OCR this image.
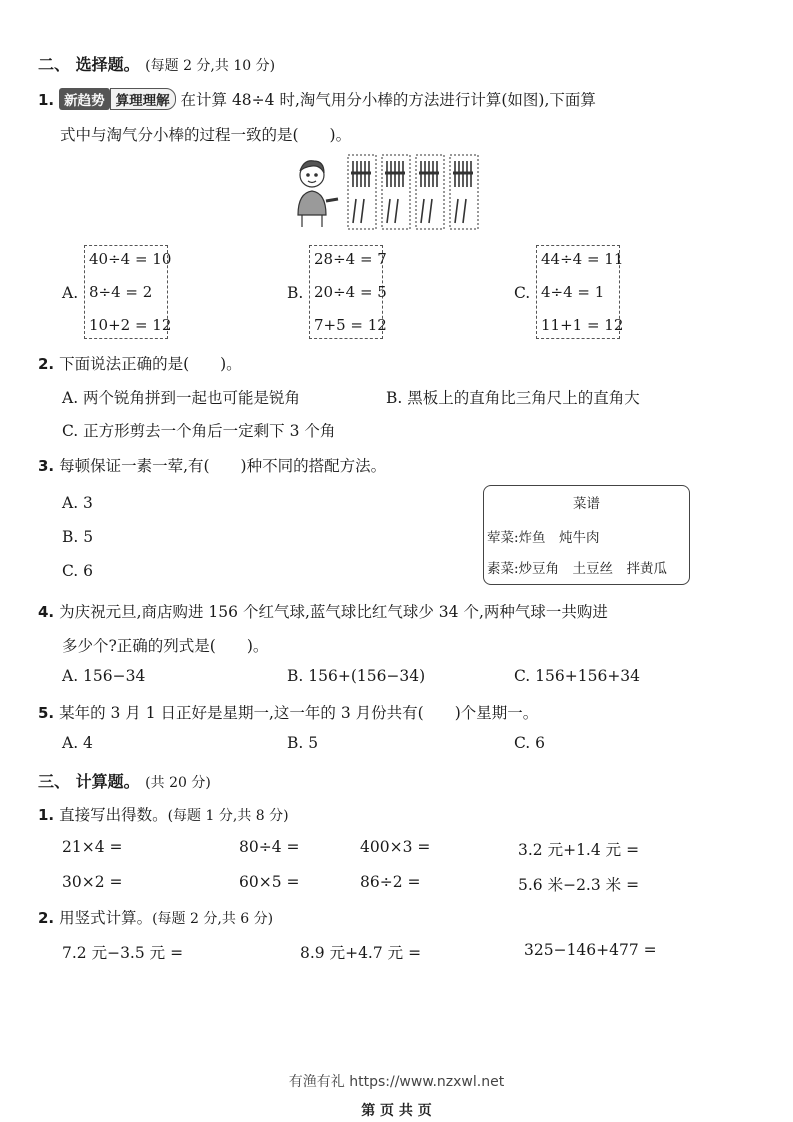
二、 选择题。 (每题 2 分,共 10 分)
1. 新趋势 算理理解 在计算 48÷4 时,淘气用分小棒的方法进行计算(如图),下面算
式中与淘气分小棒的过程一致的是(　　)。
A.
40÷4 = 10
8÷4 = 2
10+2 = 12
B.
28÷4 = 7
20÷4 = 5
7+5 = 12
C.
44÷4 = 11
4÷4 = 1
11+1 = 12
2. 下面说法正确的是(　　)。
A. 两个锐角拼到一起也可能是锐角	B. 黑板上的直角比三角尺上的直角大
C. 正方形剪去一个角后一定剩下 3 个角
3. 每顿保证一素一荤,有(　　)种不同的搭配方法。
A. 3
B. 5
C. 6
菜谱
荤菜:炸鱼　炖牛肉
素菜:炒豆角　土豆丝　拌黄瓜
4. 为庆祝元旦,商店购进 156 个红气球,蓝气球比红气球少 34 个,两种气球一共购进
多少个?正确的列式是(　　)。
A. 156−34	B. 156+(156−34)	C. 156+156+34
5. 某年的 3 月 1 日正好是星期一,这一年的 3 月份共有(　　)个星期一。
A. 4	B. 5	C. 6
三、 计算题。 (共 20 分)
1. 直接写出得数。(每题 1 分,共 8 分)
21×4 =	80÷4 =	400×3 =	3.2 元+1.4 元 =
30×2 =	60×5 =	86÷2 =	5.6 米−2.3 米 =
2. 用竖式计算。(每题 2 分,共 6 分)
7.2 元−3.5 元 =	8.9 元+4.7 元 =	325−146+477 =
有渔有礼 https://www.nzxwl.net
第 页 共 页
